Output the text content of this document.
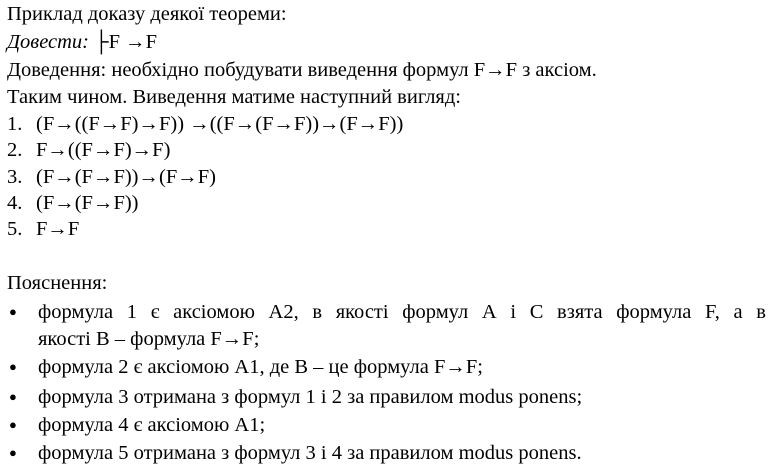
Приклад доказу деякої теореми:
Довести: ├F →F
Доведення: необхідно побудувати виведення формул F→F з аксіом.
Таким чином. Виведення матиме наступний вигляд:
1. (F→((F→F)→F)) →((F→(F→F))→(F→F))
2. F→((F→F)→F)
3. (F→(F→F))→(F→F)
4. (F→(F→F))
5. F→F
Пояснення:
● формула 1 є аксіомою А2, в якості формул А і С взята формула F, а в
якості В – формула F→F;
● формула 2 є аксіомою А1, де В – це формула F→F;
● формула 3 отримана з формул 1 і 2 за правилом modus ponens;
● формула 4 є аксіомою А1;
● формула 5 отримана з формул 3 і 4 за правилом modus ponens.
